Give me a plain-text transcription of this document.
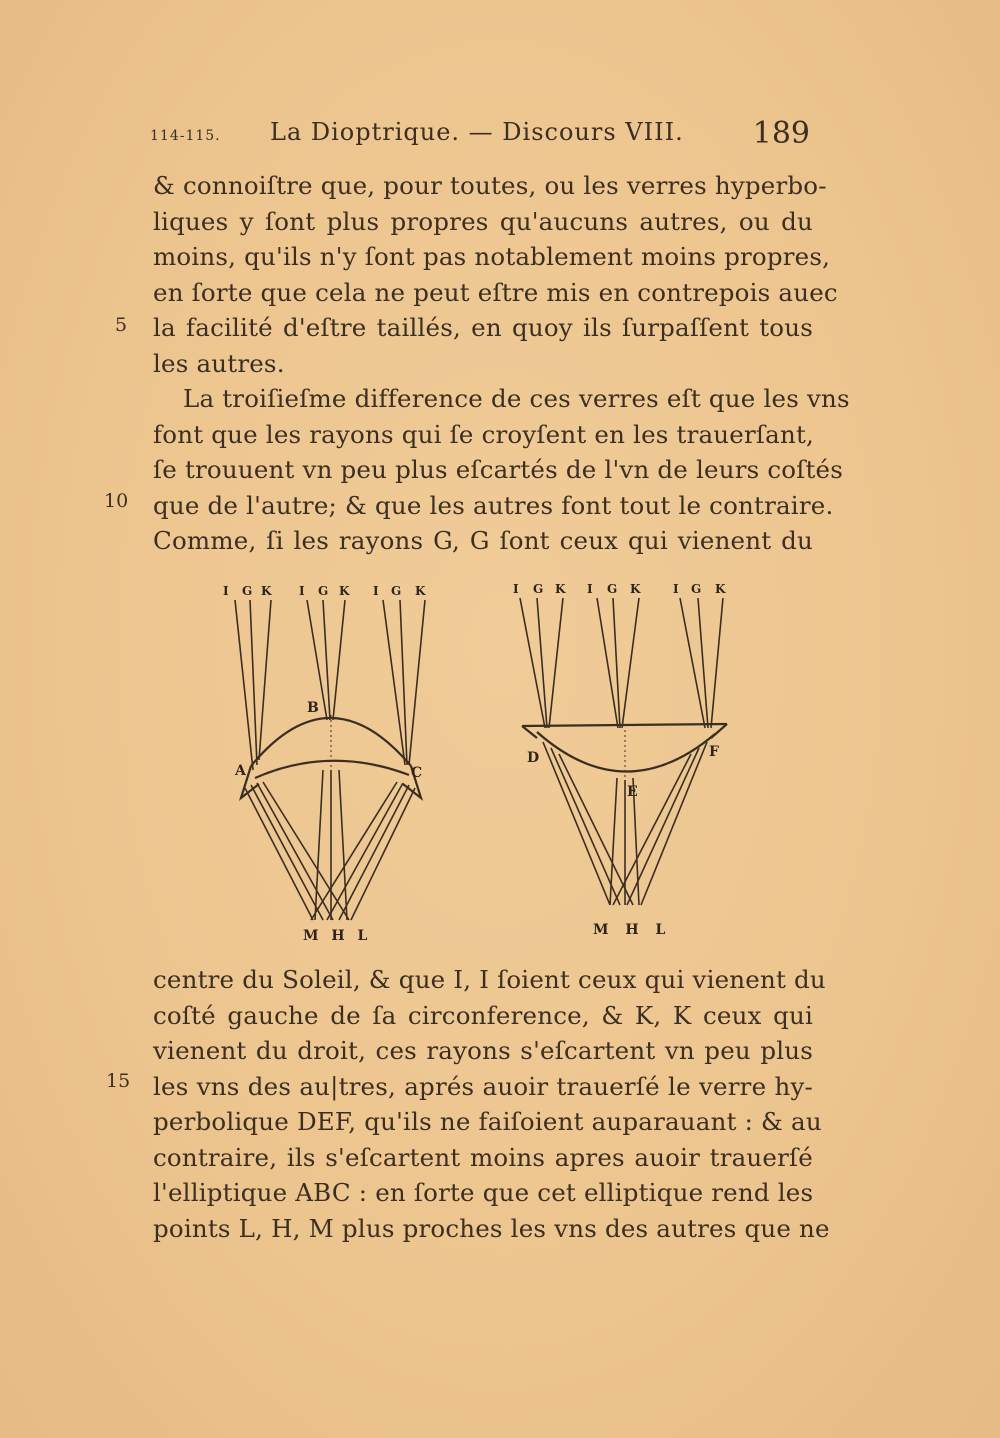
114-115. La Dioptrique. — Discours VIII. 189
& connoiſtre que, pour toutes, ou les verres hyperbo-
liques y ſont plus propres qu'aucuns autres, ou du
moins, qu'ils n'y ſont pas notablement moins propres,
en ſorte que cela ne peut eſtre mis en contrepois auec
la facilité d'eſtre taillés, en quoy ils ſurpaſſent tous
les autres.
La troiſieſme difference de ces verres eſt que les vns
font que les rayons qui ſe croyſent en les trauerſant,
ſe trouuent vn peu plus eſcartés de l'vn de leurs coſtés
que de l'autre; & que les autres font tout le contraire.
Comme, ſi les rayons G, G ſont ceux qui vienent du
5
10
15
I G K I G K I G K
A
B
C
M H L
I G K I G K	I G K
D
E
F
M H L
centre du Soleil, & que I, I ſoient ceux qui vienent du
coſté gauche de ſa circonference, & K, K ceux qui
vienent du droit, ces rayons s'eſcartent vn peu plus
les vns des au|tres, aprés auoir trauerſé le verre hy-
perbolique DEF, qu'ils ne faiſoient auparauant : & au
contraire, ils s'eſcartent moins apres auoir trauerſé
l'elliptique ABC : en ſorte que cet elliptique rend les
points L, H, M plus proches les vns des autres que ne
